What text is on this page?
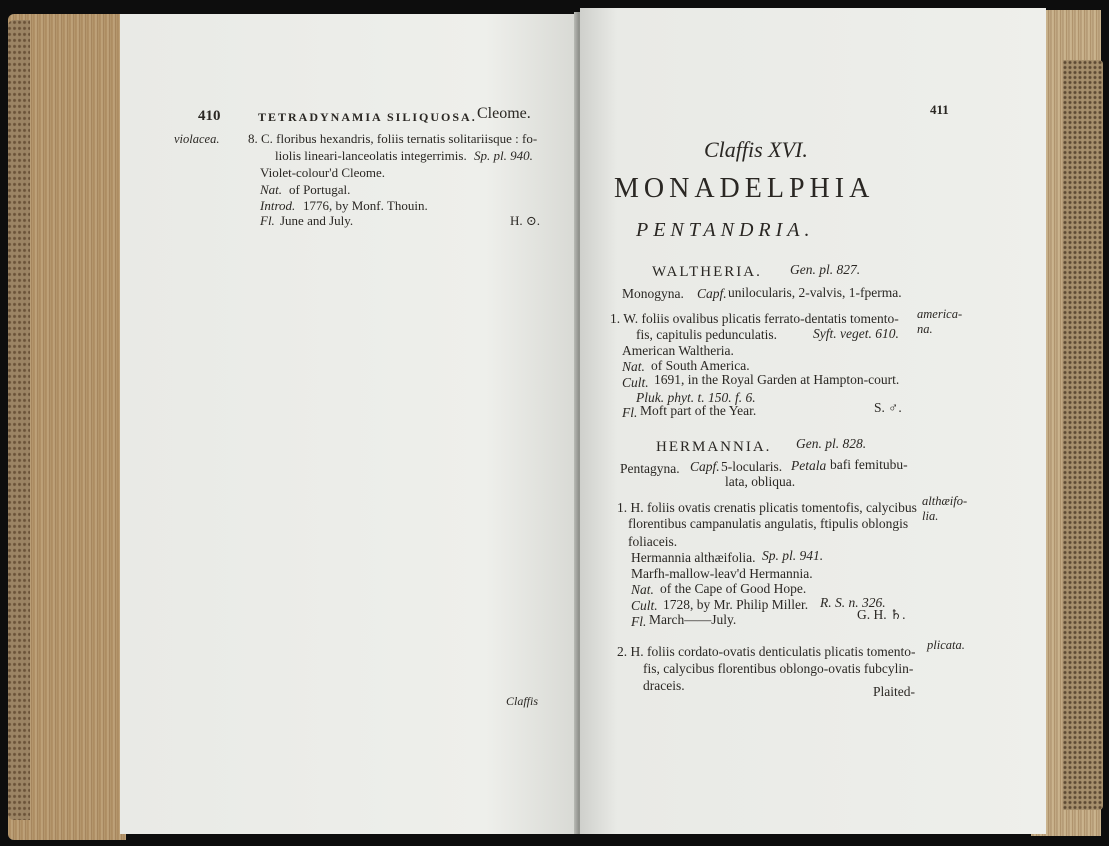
410	TETRADYNAMIA SILIQUOSA. Cleome.
violacea. 8. C. floribus hexandris, foliis ternatis solitariisque : fo-
liolis lineari-lanceolatis integerrimis. Sp. pl. 940.
Violet-colour'd Cleome.
Nat. of Portugal.
Introd. 1776, by Monf. Thouin.
Fl. June and July.	H. ⊙.
Claffis
411
Claffis XVI.
MONADELPHIA
PENTANDRIA.
WALTHERIA. Gen. pl. 827.
Monogyna. Capf. unilocularis, 2-valvis, 1-fperma.
1. W. foliis ovalibus plicatis ferrato-dentatis tomento-
fis, capitulis pedunculatis.	Syft. veget. 610.
america-
na.
American Waltheria.
Nat. of South America.
Cult. 1691, in the Royal Garden at Hampton-court.
Pluk. phyt. t. 150. f. 6.
Fl. Moft part of the Year.	S. ♂.
HERMANNIA. Gen. pl. 828.
Pentagyna. Capf. 5-locularis. Petala bafi femitubu-
lata, obliqua.
1. H. foliis ovatis crenatis plicatis tomentofis, calycibus
florentibus campanulatis angulatis, ftipulis oblongis
foliaceis.
althæifo-
lia.
Hermannia althæifolia. Sp. pl. 941.
Marfh-mallow-leav'd Hermannia.
Nat. of the Cape of Good Hope.
Cult. 1728, by Mr. Philip Miller. R. S. n. 326.
Fl. March——July.	G. H. ♄.
2. H. foliis cordato-ovatis denticulatis plicatis tomento-
fis, calycibus florentibus oblongo-ovatis fubcylin-
draceis.
plicata.
Plaited-
